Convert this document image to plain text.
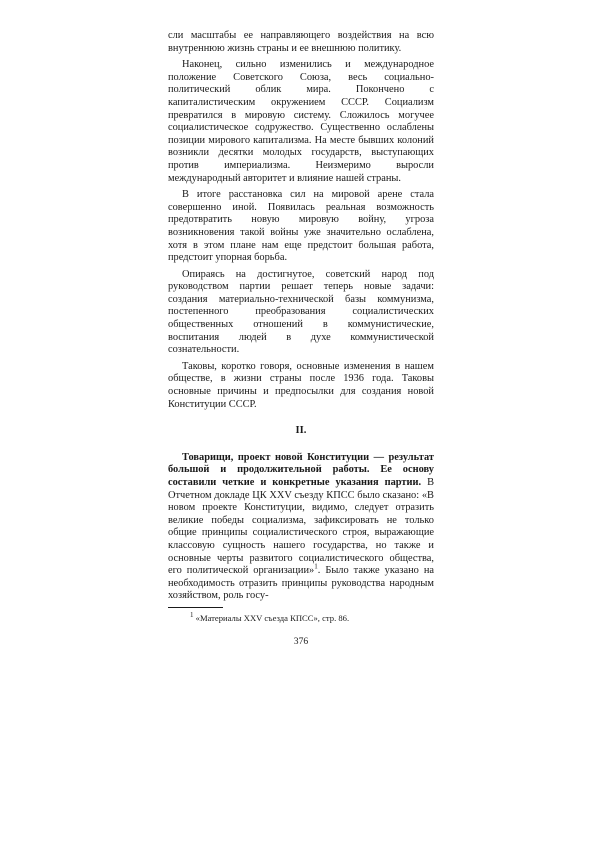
сли масштабы ее направляющего воздействия на всю внутреннюю жизнь страны и ее внешнюю политику.

Наконец, сильно изменились и международное положение Советского Союза, весь социально-политический облик мира. Покончено с капиталистическим окружением СССР. Социализм превратился в мировую систему. Сложилось могучее социалистическое содружество. Существенно ослаблены позиции мирового капитализма. На месте бывших колоний возникли десятки молодых государств, выступающих против империализма. Неизмеримо выросли международный авторитет и влияние нашей страны.

В итоге расстановка сил на мировой арене стала совершенно иной. Появилась реальная возможность предотвратить новую мировую войну, угроза возникновения такой войны уже значительно ослаблена, хотя в этом плане нам еще предстоит большая работа, предстоит упорная борьба.

Опираясь на достигнутое, советский народ под руководством партии решает теперь новые задачи: создания материально-технической базы коммунизма, постепенного преобразования социалистических общественных отношений в коммунистические, воспитания людей в духе коммунистической сознательности.

Таковы, коротко говоря, основные изменения в нашем обществе, в жизни страны после 1936 года. Таковы основные причины и предпосылки для создания новой Конституции СССР.

II.

Товарищи, проект новой Конституции — результат большой и продолжительной работы. Ее основу составили четкие и конкретные указания партии. В Отчетном докладе ЦК XXV съезду КПСС было сказано: «В новом проекте Конституции, видимо, следует отразить великие победы социализма, зафиксировать не только общие принципы социалистического строя, выражающие классовую сущность нашего государства, но также и основные черты развитого социалистического общества, его политической организации»$^1$. Было также указано на необходимость отразить принципы руководства народным хозяйством, роль госу-

$^1$ «Материалы XXV съезда КПСС», стр. 86.
376
